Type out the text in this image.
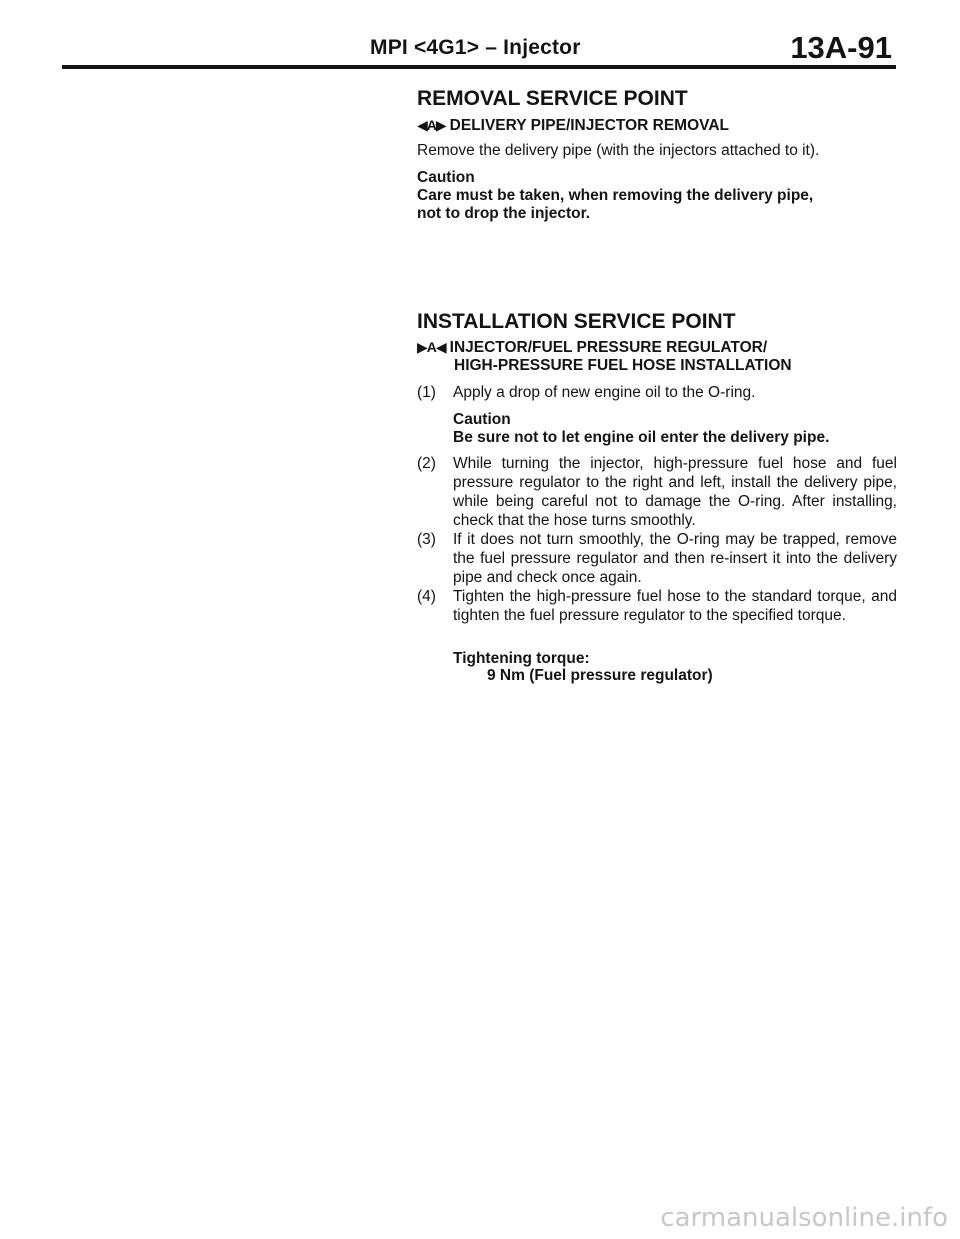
MPI <4G1> – Injector	13A-91
REMOVAL SERVICE POINT
◀A▶ DELIVERY PIPE/INJECTOR REMOVAL
Remove the delivery pipe (with the injectors attached to it).
Caution
Care must be taken, when removing the delivery pipe,
not to drop the injector.
INSTALLATION SERVICE POINT
▶A◀ INJECTOR/FUEL PRESSURE REGULATOR/
HIGH-PRESSURE FUEL HOSE INSTALLATION
(1) Apply a drop of new engine oil to the O-ring.
Caution
Be sure not to let engine oil enter the delivery pipe.
(2) While turning the injector, high-pressure fuel hose and fuel pressure regulator to the right and left, install the delivery pipe, while being careful not to damage the O-ring. After installing, check that the hose turns smoothly.
(3) If it does not turn smoothly, the O-ring may be trapped, remove the fuel pressure regulator and then re-insert it into the delivery pipe and check once again.
(4) Tighten the high-pressure fuel hose to the standard torque, and tighten the fuel pressure regulator to the specified torque.
Tightening torque:
9 Nm (Fuel pressure regulator)
carmanualsonline.info
